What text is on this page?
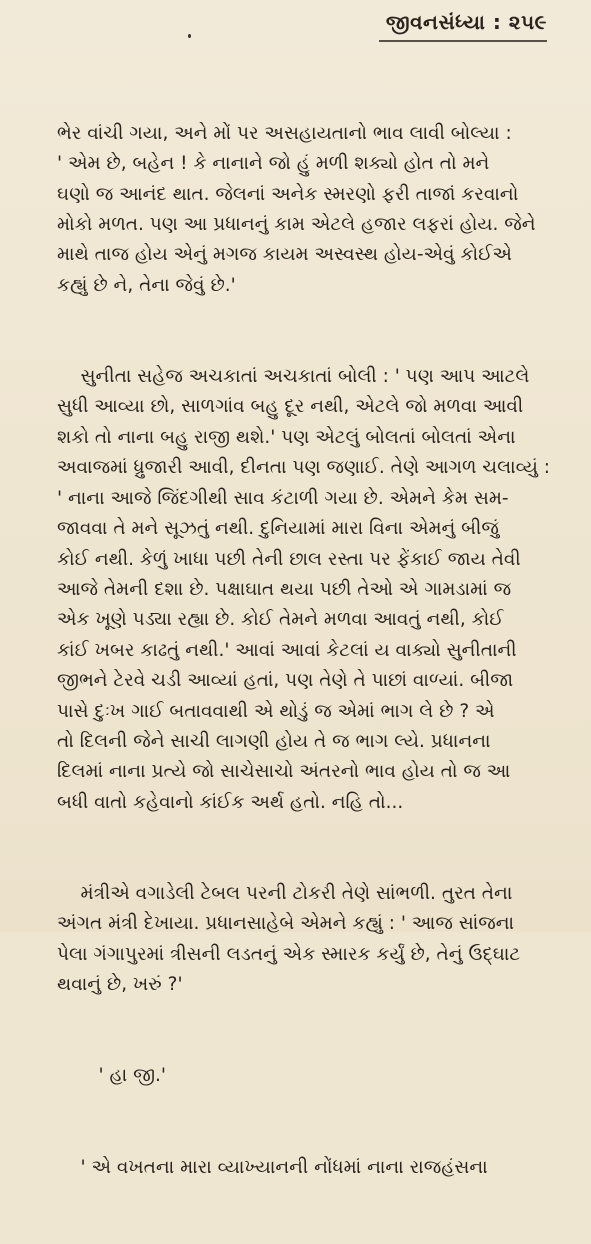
જીવનસંધ્યા : ૨૫૯

ભેર વાંચી ગયા, અને મોં પર અસહાયતાનો ભાવ લાવી બોલ્યા :
' એમ છે, બહેન ! કે નાનાને જો હું મળી શક્યો હોત તો મને
ઘણો જ આનંદ થાત. જેલનાં અનેક સ્મરણો ફરી તાજાં કરવાનો
મોકો મળત. પણ આ પ્રધાનનું કામ એટલે હજાર લફરાં હોય. જેને
માથે તાજ હોય એનું મગજ કાયમ અસ્વસ્થ હોય-એવું કોઈએ
કહ્યું છે ને, તેના જેવું છે.'

સુનીતા સહેજ અચકાતાં અચકાતાં બોલી : ' પણ આપ આટલે
સુધી આવ્યા છો, સાળગાંવ બહુ દૂર નથી, એટલે જો મળવા આવી
શકો તો નાના બહુ રાજી થશે.' પણ એટલું બોલતાં બોલતાં એના
અવાજમાં ધ્રુજારી આવી, દીનતા પણ જણાઈ. તેણે આગળ ચલાવ્યું :
' નાના આજે જિંદગીથી સાવ કંટાળી ગયા છે. એમને કેમ સમ-
જાવવા તે મને સૂઝતું નથી. દુનિયામાં મારા વિના એમનું બીજું
કોઈ નથી. કેળું ખાધા પછી તેની છાલ રસ્તા પર ફેંકાઈ જાય તેવી
આજે તેમની દશા છે. પક્ષાઘાત થયા પછી તેઓ એ ગામડામાં જ
એક ખૂણે પડ્યા રહ્યા છે. કોઈ તેમને મળવા આવતું નથી, કોઈ
કાંઈ ખબર કાઢતું નથી.' આવાં આવાં કેટલાં ય વાક્યો સુનીતાની
જીભને ટેરવે ચડી આવ્યાં હતાં, પણ તેણે તે પાછાં વાળ્યાં. બીજા
પાસે દુઃખ ગાઈ બતાવવાથી એ થોડું જ એમાં ભાગ લે છે ? એ
તો દિલની જેને સાચી લાગણી હોય તે જ ભાગ લ્યે. પ્રધાનના
દિલમાં નાના પ્રત્યે જો સાચેસાચો અંતરનો ભાવ હોય તો જ આ
બધી વાતો કહેવાનો કાંઈક અર્થ હતો. નહિ તો...

મંત્રીએ વગાડેલી ટેબલ પરની ટોકરી તેણે સાંભળી. તુરત તેના
અંગત મંત્રી દેખાયા. પ્રધાનસાહેબે એમને કહ્યું : ' આજ સાંજના
પેલા ગંગાપુરમાં ત્રીસની લડતનું એક સ્મારક કર્યું છે, તેનું ઉદ્ઘાટ
થવાનું છે, ખરું ?'

' હા જી.'

' એ વખતના મારા વ્યાખ્યાનની નોંધમાં નાના રાજહંસના
